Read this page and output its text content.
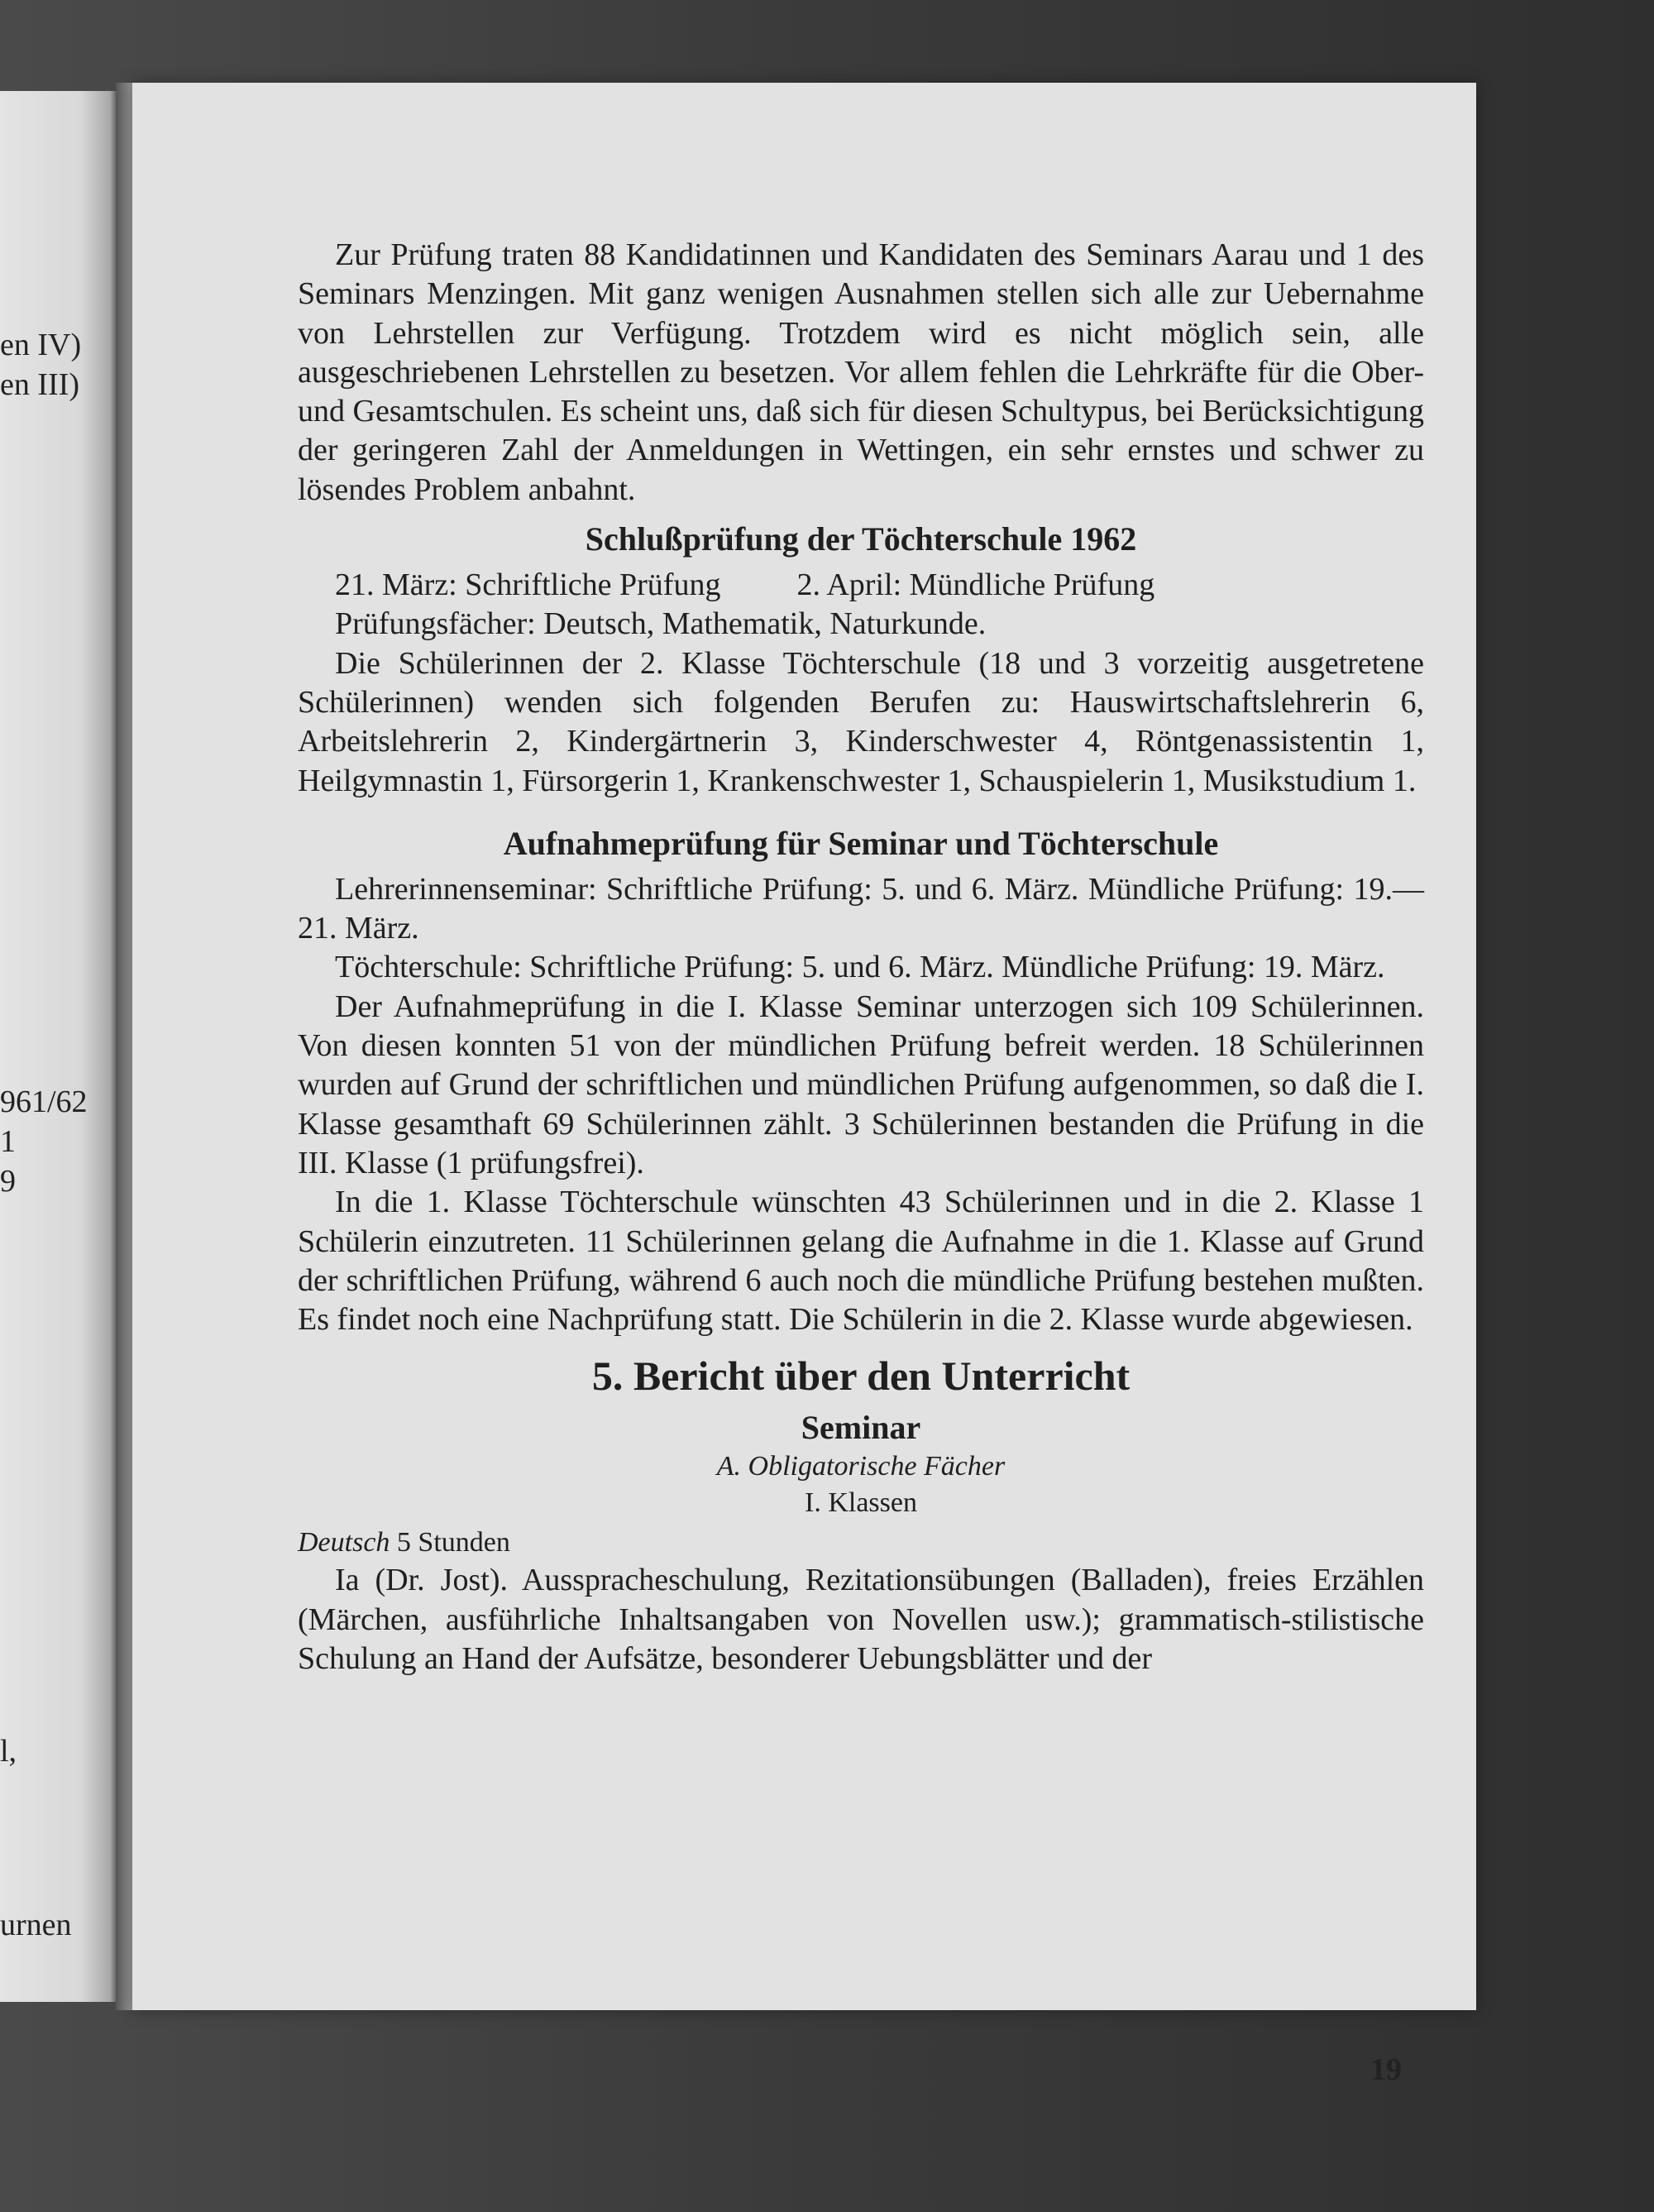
en IV)
en III)
961/62
1
9
l,
urnen

Zur Prüfung traten 88 Kandidatinnen und Kandidaten des Seminars Aarau und 1 des Seminars Menzingen. Mit ganz wenigen Ausnahmen stellen sich alle zur Uebernahme von Lehrstellen zur Verfügung. Trotzdem wird es nicht möglich sein, alle ausgeschriebenen Lehrstellen zu besetzen. Vor allem fehlen die Lehrkräfte für die Ober- und Gesamtschulen. Es scheint uns, daß sich für diesen Schultypus, bei Berücksichtigung der geringeren Zahl der Anmeldungen in Wettingen, ein sehr ernstes und schwer zu lösendes Problem anbahnt.

Schlußprüfung der Töchterschule 1962
21. März: Schriftliche Prüfung 2. April: Mündliche Prüfung

Prüfungsfächer: Deutsch, Mathematik, Naturkunde.

Die Schülerinnen der 2. Klasse Töchterschule (18 und 3 vorzeitig ausgetretene Schülerinnen) wenden sich folgenden Berufen zu: Hauswirtschaftslehrerin 6, Arbeitslehrerin 2, Kindergärtnerin 3, Kinderschwester 4, Röntgenassistentin 1, Heilgymnastin 1, Fürsorgerin 1, Krankenschwester 1, Schauspielerin 1, Musikstudium 1.

Aufnahmeprüfung für Seminar und Töchterschule

Lehrerinnenseminar: Schriftliche Prüfung: 5. und 6. März. Mündliche Prüfung: 19.—21. März.

Töchterschule: Schriftliche Prüfung: 5. und 6. März. Mündliche Prüfung: 19. März.

Der Aufnahmeprüfung in die I. Klasse Seminar unterzogen sich 109 Schülerinnen. Von diesen konnten 51 von der mündlichen Prüfung befreit werden. 18 Schülerinnen wurden auf Grund der schriftlichen und mündlichen Prüfung aufgenommen, so daß die I. Klasse gesamthaft 69 Schülerinnen zählt. 3 Schülerinnen bestanden die Prüfung in die III. Klasse (1 prüfungsfrei).

In die 1. Klasse Töchterschule wünschten 43 Schülerinnen und in die 2. Klasse 1 Schülerin einzutreten. 11 Schülerinnen gelang die Aufnahme in die 1. Klasse auf Grund der schriftlichen Prüfung, während 6 auch noch die mündliche Prüfung bestehen mußten. Es findet noch eine Nachprüfung statt. Die Schülerin in die 2. Klasse wurde abgewiesen.

5. Bericht über den Unterricht
Seminar
A. Obligatorische Fächer
I. Klassen

Deutsch 5 Stunden

Ia (Dr. Jost). Ausspracheschulung, Rezitationsübungen (Balladen), freies Erzählen (Märchen, ausführliche Inhaltsangaben von Novellen usw.); grammatisch-stilistische Schulung an Hand der Aufsätze, besonderer Uebungsblätter und der

19
